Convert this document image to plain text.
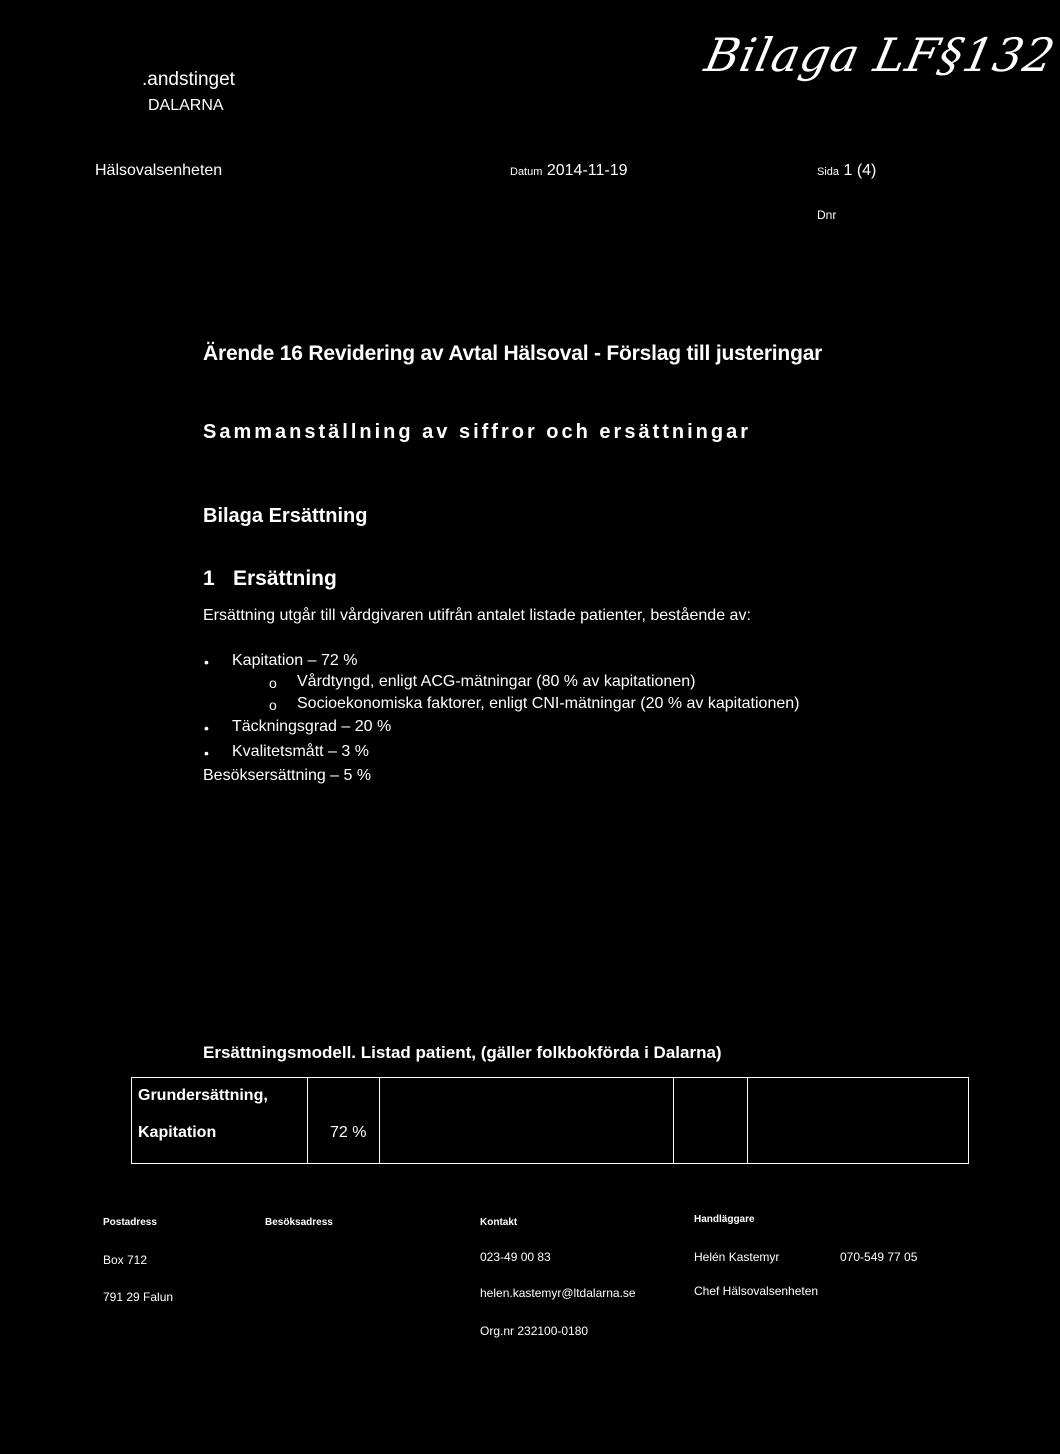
.andstinget
DALARNA
Bilaga LF§132
Hälsovalsenheten	Datum 2014-11-19	Sida 1 (4)
Dnr
Ärende 16 Revidering av Avtal Hälsoval - Förslag till justeringar
Sammanställning av siffror och ersättningar
Bilaga Ersättning
1 Ersättning
Ersättning utgår till vårdgivaren utifrån antalet listade patienter, bestående av:
• Kapitation – 72 %
o Vårdtyngd, enligt ACG-mätningar (80 % av kapitationen)
o Socioekonomiska faktorer, enligt CNI-mätningar (20 % av kapitationen)
• Täckningsgrad – 20 %
• Kvalitetsmått – 3 %
Besöksersättning – 5 %
Ersättningsmodell. Listad patient, (gäller folkbokförda i Dalarna)
Grundersättning,
Kapitation	72 %

Postadress	Besöksadress	Kontakt	Handläggare
Box 712
791 29 Falun
023-49 00 83
helen.kastemyr@ltdalarna.se
Org.nr 232100-0180
Helén Kastemyr	070-549 77 05
Chef Hälsovalsenheten
